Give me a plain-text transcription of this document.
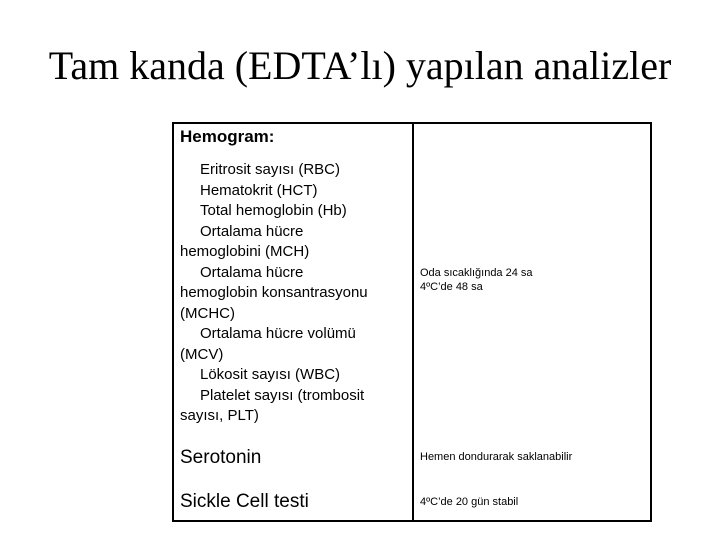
Tam kanda (EDTA’lı) yapılan analizler
Hemogram:

Eritrosit sayısı (RBC)

Hematokrit (HCT)

Total hemoglobin (Hb)

Ortalama hücre

hemoglobini (MCH)

Ortalama hücre

hemoglobin konsantrasyonu

(MCHC)

Ortalama hücre volümü

(MCV)

Lökosit sayısı (WBC)

Platelet sayısı (trombosit

sayısı, PLT)

Oda sıcaklığında 24 sa
4ºC’de 48 sa
Serotonin	Hemen dondurarak saklanabilir
Sickle Cell testi	4ºC’de 20 gün stabil
